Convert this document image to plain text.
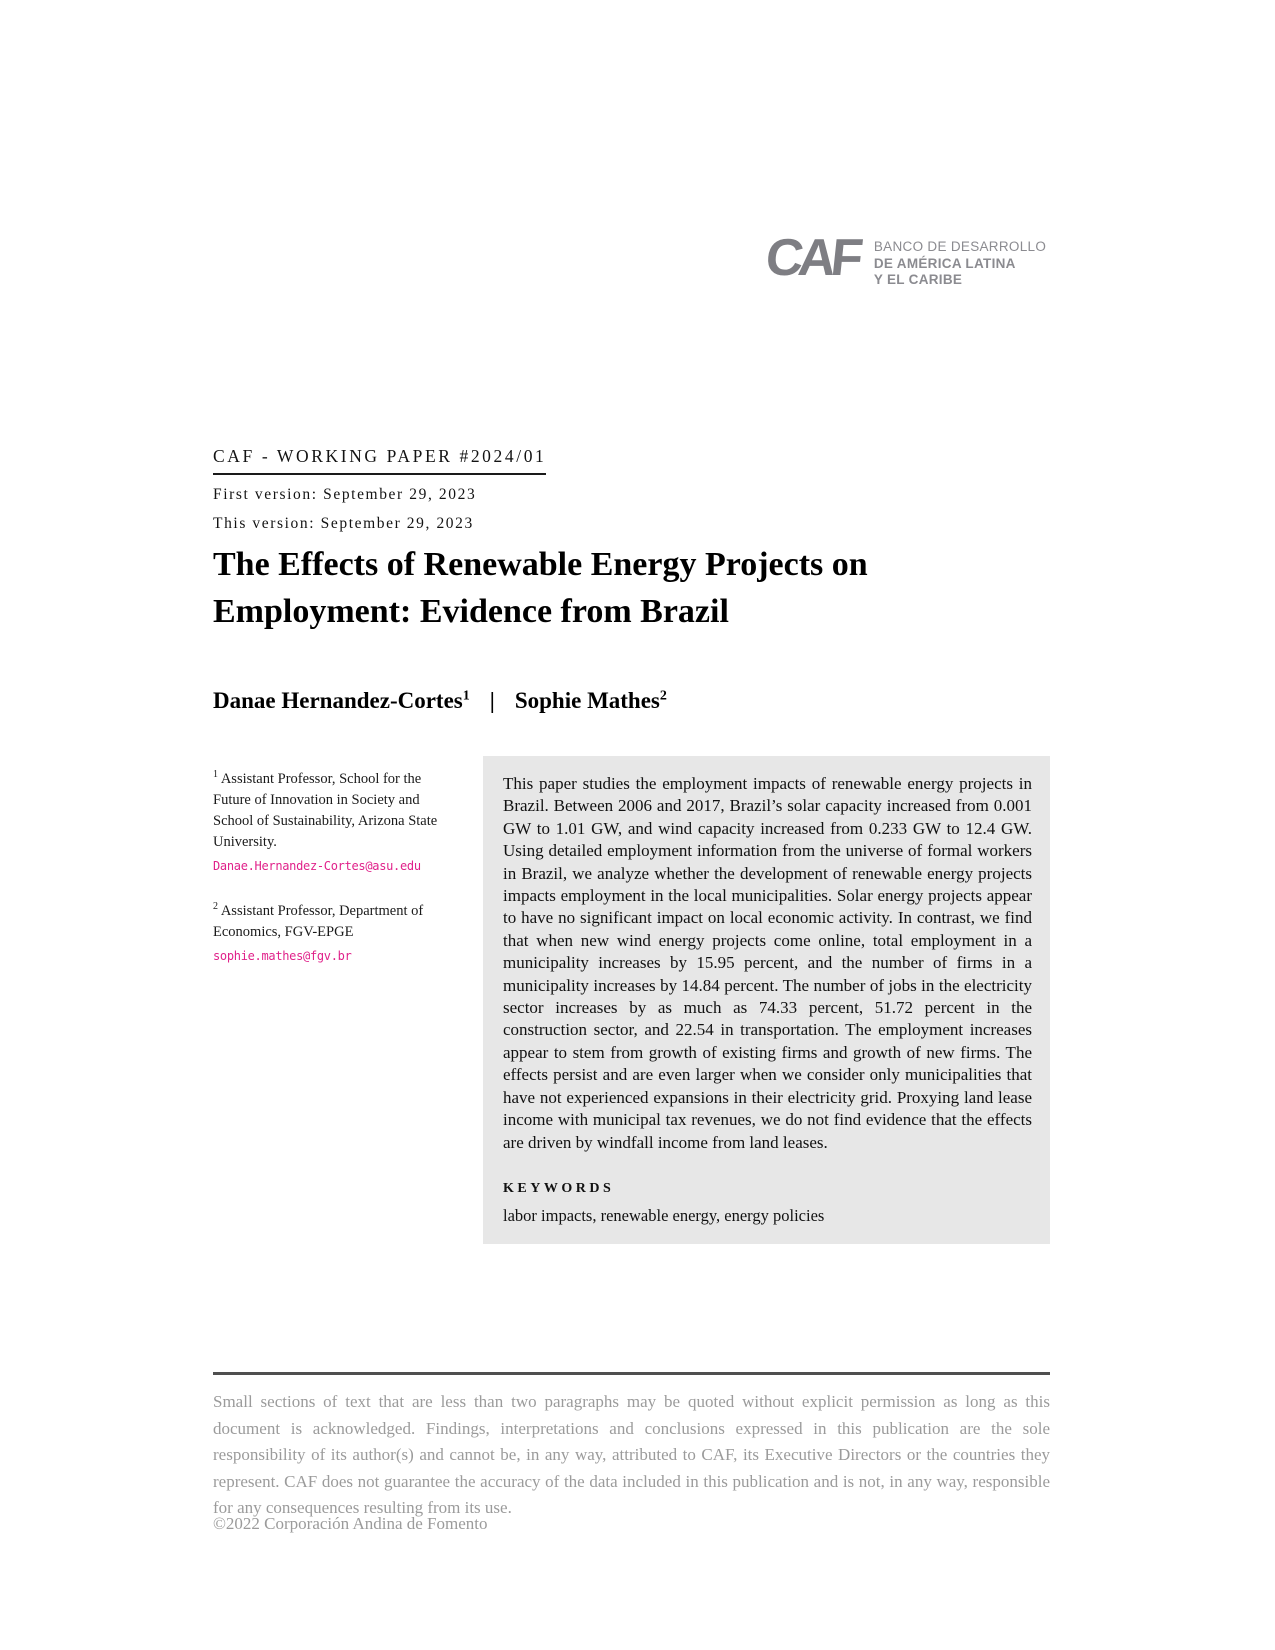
CAF BANCO DE DESARROLLO
DE AMÉRICA LATINA
Y EL CARIBE
CAF - WORKING PAPER #2024/01
First version: September 29, 2023
This version: September 29, 2023
The Effects of Renewable Energy Projects on Employment: Evidence from Brazil
Danae Hernandez-Cortes$^1$ | Sophie Mathes$^2$
$^1$ Assistant Professor, School for the Future of Innovation in Society and School of Sustainability, Arizona State University.
Danae.Hernandez-Cortes@asu.edu
$^2$ Assistant Professor, Department of Economics, FGV-EPGE
sophie.mathes@fgv.br

This paper studies the employment impacts of renewable energy projects in Brazil. Between 2006 and 2017, Brazil’s solar capacity increased from 0.001 GW to 1.01 GW, and wind capacity increased from 0.233 GW to 12.4 GW. Using detailed employment information from the universe of formal workers in Brazil, we analyze whether the development of renewable energy projects impacts employment in the local municipalities. Solar energy projects appear to have no significant impact on local economic activity. In contrast, we find that when new wind energy projects come online, total employment in a municipality increases by 15.95 percent, and the number of firms in a municipality increases by 14.84 percent. The number of jobs in the electricity sector increases by as much as 74.33 percent, 51.72 percent in the construction sector, and 22.54 in transportation. The employment increases appear to stem from growth of existing firms and growth of new firms. The effects persist and are even larger when we consider only municipalities that have not experienced expansions in their electricity grid. Proxying land lease income with municipal tax revenues, we do not find evidence that the effects are driven by windfall income from land leases.

KEYWORDS
labor impacts, renewable energy, energy policies

Small sections of text that are less than two paragraphs may be quoted without explicit permission as long as this document is acknowledged. Findings, interpretations and conclusions expressed in this publication are the sole responsibility of its author(s) and cannot be, in any way, attributed to CAF, its Executive Directors or the countries they represent. CAF does not guarantee the accuracy of the data included in this publication and is not, in any way, responsible for any consequences resulting from its use.

©2022 Corporación Andina de Fomento
